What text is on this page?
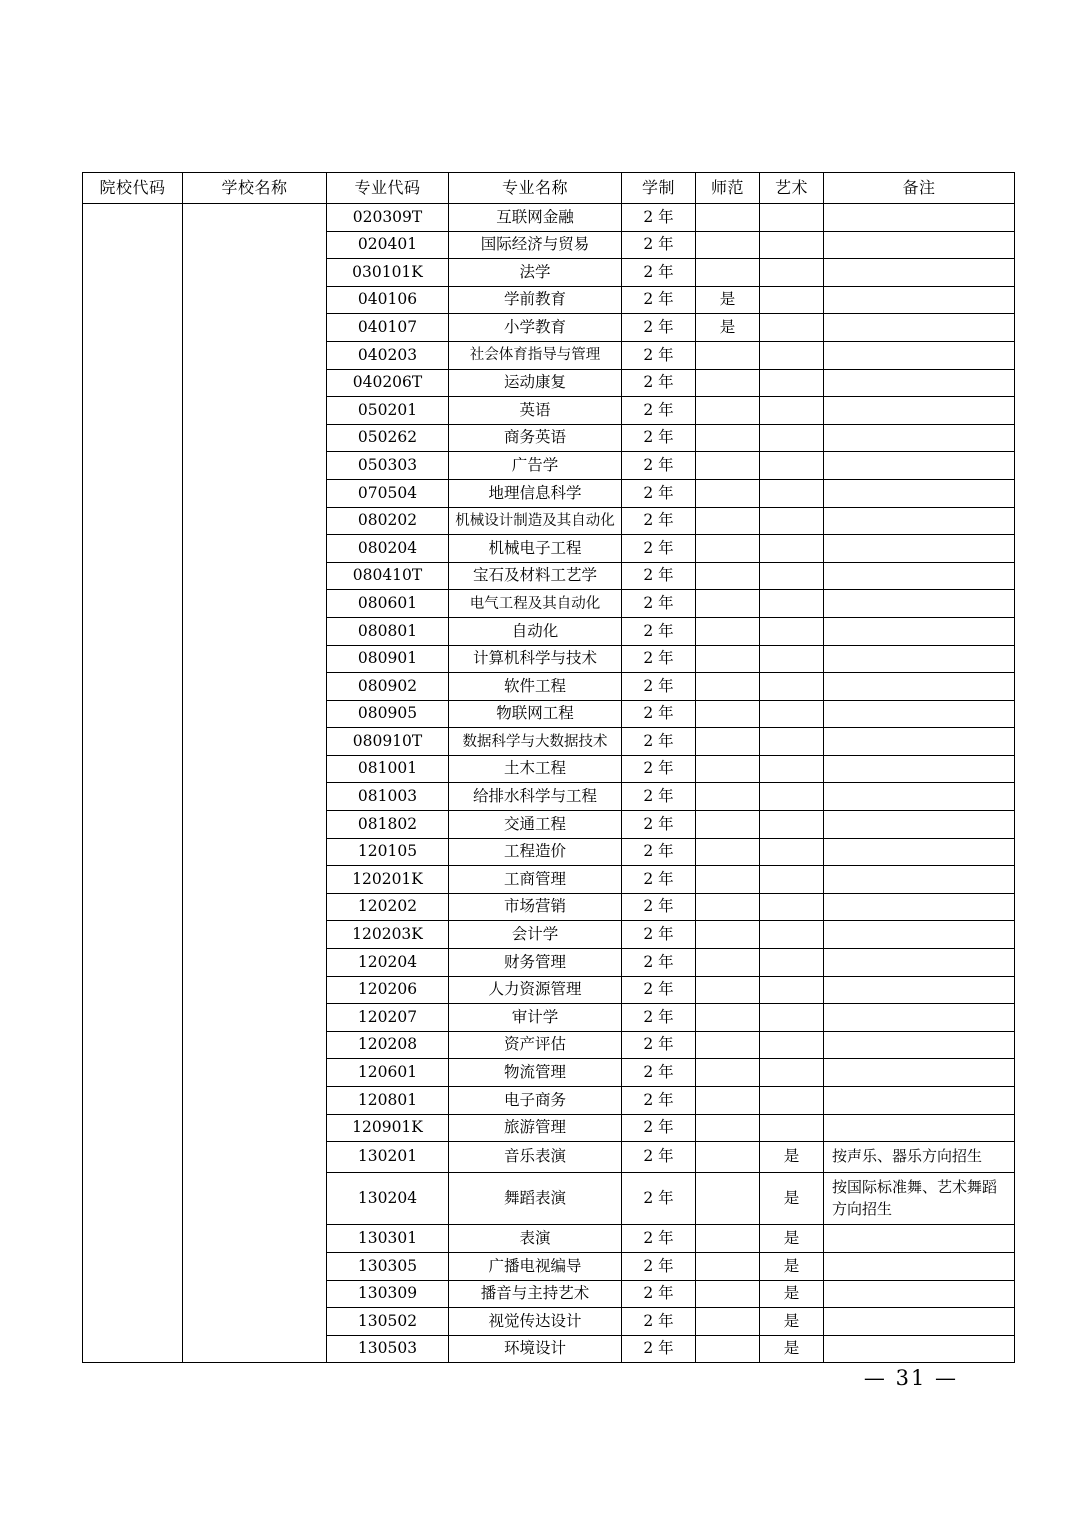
院校代码	学校名称	专业代码	专业名称	学制	师范	艺术	备注

		020309T	互联网金融	2 年			

		020401	国际经济与贸易	2 年			

		030101K	法学	2 年			

		040106	学前教育	2 年	是		

		040107	小学教育	2 年	是		

		040203	社会体育指导与管理	2 年			

		040206T	运动康复	2 年			

		050201	英语	2 年			

		050262	商务英语	2 年			

		050303	广告学	2 年			

		070504	地理信息科学	2 年			

		080202	机械设计制造及其自动化	2 年			

		080204	机械电子工程	2 年			

		080410T	宝石及材料工艺学	2 年			

		080601	电气工程及其自动化	2 年			

		080801	自动化	2 年			

		080901	计算机科学与技术	2 年			

		080902	软件工程	2 年			

		080905	物联网工程	2 年			

		080910T	数据科学与大数据技术	2 年			

		081001	土木工程	2 年			

		081003	给排水科学与工程	2 年			

		081802	交通工程	2 年			

		120105	工程造价	2 年			

		120201K	工商管理	2 年			

		120202	市场营销	2 年			

		120203K	会计学	2 年			

		120204	财务管理	2 年			

		120206	人力资源管理	2 年			

		120207	审计学	2 年			

		120208	资产评估	2 年			

		120601	物流管理	2 年			

		120801	电子商务	2 年			

		120901K	旅游管理	2 年			

		130201	音乐表演	2 年		是	按声乐、器乐方向招生

		130204	舞蹈表演	2 年		是	按国际标准舞、艺术舞蹈方向招生

		130301	表演	2 年		是	

		130305	广播电视编导	2 年		是	

		130309	播音与主持艺术	2 年		是	

		130502	视觉传达设计	2 年		是	

		130503	环境设计	2 年		是	

— 31 —
